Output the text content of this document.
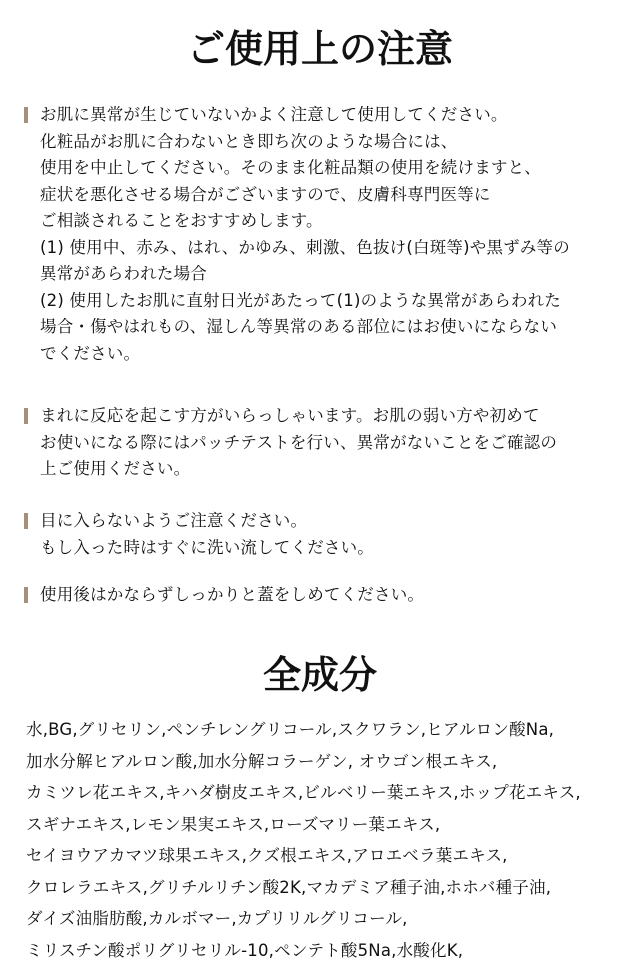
ご使用上の注意
お肌に異常が生じていないかよく注意して使用してください。
化粧品がお肌に合わないとき即ち次のような場合には、
使用を中止してください。そのまま化粧品類の使用を続けますと、
症状を悪化させる場合がございますので、皮膚科専門医等に
ご相談されることをおすすめします。
(1) 使用中、赤み、はれ、かゆみ、刺激、色抜け(白斑等)や黒ずみ等の
異常があらわれた場合
(2) 使用したお肌に直射日光があたって(1)のような異常があらわれた
場合・傷やはれもの、湿しん等異常のある部位にはお使いにならない
でください。
まれに反応を起こす方がいらっしゃいます。お肌の弱い方や初めて
お使いになる際にはパッチテストを行い、異常がないことをご確認の
上ご使用ください。
目に入らないようご注意ください。
もし入った時はすぐに洗い流してください。
使用後はかならずしっかりと蓋をしめてください。
全成分
水,BG,グリセリン,ペンチレングリコール,スクワラン,ヒアルロン酸Na,
加水分解ヒアルロン酸,加水分解コラーゲン, オウゴン根エキス,
カミツレ花エキス,キハダ樹皮エキス,ビルベリー葉エキス,ホップ花エキス,
スギナエキス,レモン果実エキス,ローズマリー葉エキス,
セイヨウアカマツ球果エキス,クズ根エキス,アロエベラ葉エキス,
クロレラエキス,グリチルリチン酸2K,マカデミア種子油,ホホバ種子油,
ダイズ油脂肪酸,カルボマー,カプリリルグリコール,
ミリスチン酸ポリグリセリル-10,ペンテト酸5Na,水酸化K,
